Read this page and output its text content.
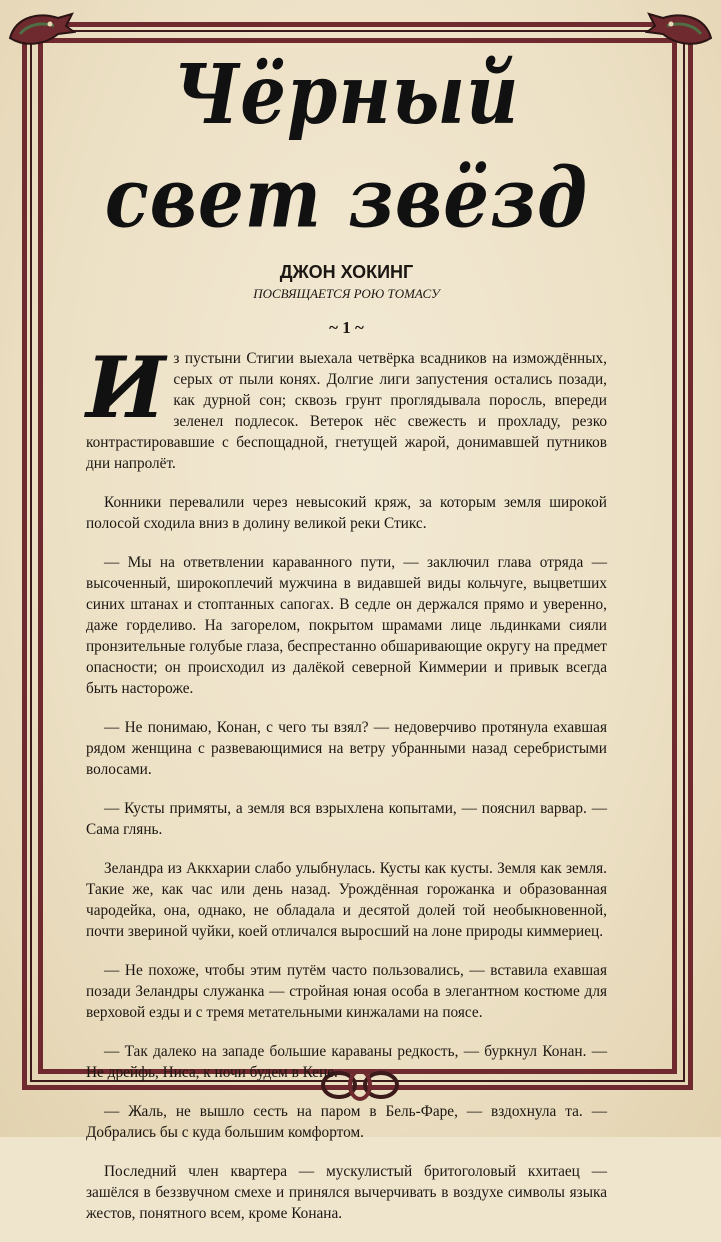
Чёрный свет звёзд
ДЖОН ХОКИНГ
ПОСВЯЩАЕТСЯ РОЮ ТОМАСУ
~ 1 ~

Из пустыни Стигии выехала четвёрка всадников на измождённых, серых от пыли конях. Долгие лиги запустения остались позади, как дурной сон; сквозь грунт проглядывала поросль, впереди зеленел подлесок. Ветерок нёс свежесть и прохладу, резко контрастировавшие с беспощадной, гнетущей жарой, донимавшей путников дни напролёт.

Конники перевалили через невысокий кряж, за которым земля широкой полосой сходила вниз в долину великой реки Стикс.

— Мы на ответвлении караванного пути, — заключил глава отряда — высоченный, широкоплечий мужчина в видавшей виды кольчуге, выцветших синих штанах и стоптанных сапогах. В седле он держался прямо и уверенно, даже горделиво. На загорелом, покрытом шрамами лице льдинками сияли пронзительные голубые глаза, беспрестанно обшаривающие округу на предмет опасности; он происходил из далёкой северной Киммерии и привык всегда быть настороже.

— Не понимаю, Конан, с чего ты взял? — недоверчиво протянула ехавшая рядом женщина с развевающимися на ветру убранными назад серебристыми волосами.

— Кусты примяты, а земля вся взрыхлена копытами, — пояснил варвар. — Сама глянь.

Зеландра из Аккхарии слабо улыбнулась. Кусты как кусты. Земля как земля. Такие же, как час или день назад. Урождённая горожанка и образованная чародейка, она, однако, не обладала и десятой долей той необыкновенной, почти звериной чуйки, коей отличался выросший на лоне природы киммериец.

— Не похоже, чтобы этим путём часто пользовались, — вставила ехавшая позади Зеландры служанка — стройная юная особа в элегантном костюме для верховой езды и с тремя метательными кинжалами на поясе.

— Так далеко на западе большие караваны редкость, — буркнул Конан. — Не дрейфь, Ниса, к ночи будем в Кене.

— Жаль, не вышло сесть на паром в Бель-Фаре, — вздохнула та. — Добрались бы с куда большим комфортом.

Последний член квартера — мускулистый бритоголовый кхитаец — зашёлся в беззвучном смехе и принялся вычерчивать в воздухе символы языка жестов, понятного всем, кроме Конана.
